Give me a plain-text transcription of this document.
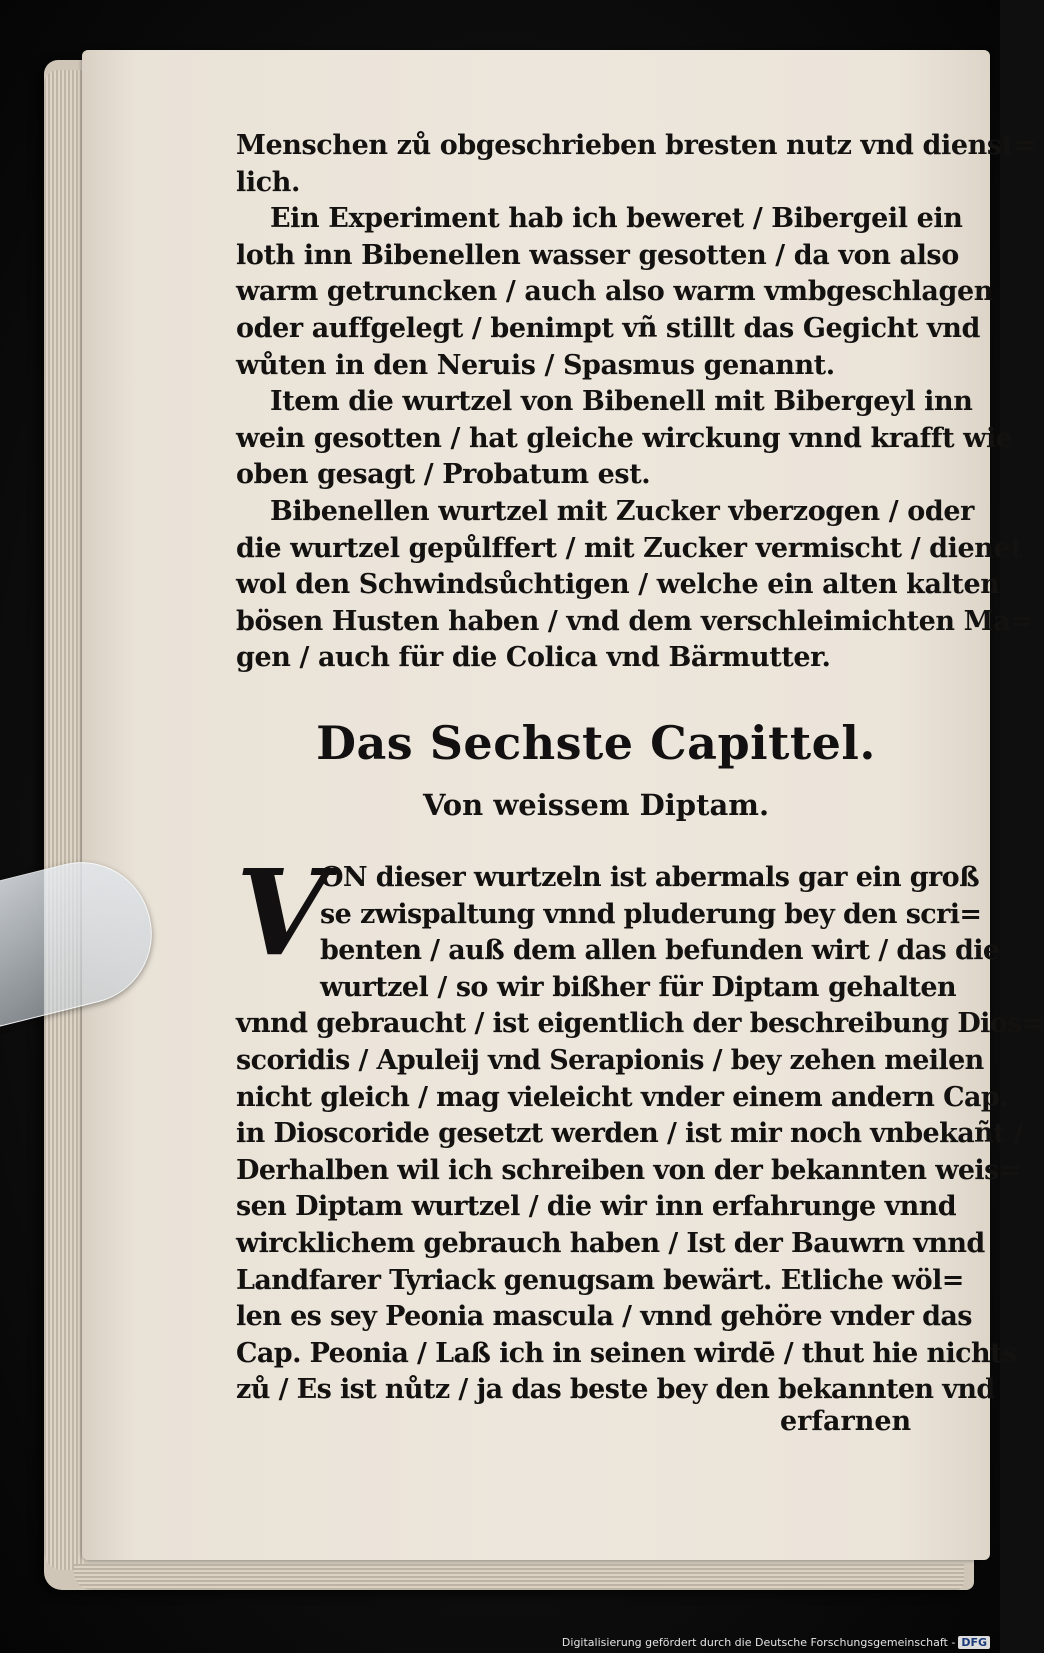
Menschen zů obgeschrieben bresten nutz vnd dienst=
lich.
Ein Experiment hab ich beweret / Bibergeil ein
loth inn Bibenellen wasser gesotten / da von also
warm getruncken / auch also warm vmbgeschlagen
oder auffgelegt / benimpt vñ stillt das Gegicht vnd
wůten in den Neruis / Spasmus genannt.
Item die wurtzel von Bibenell mit Bibergeyl inn
wein gesotten / hat gleiche wirckung vnnd krafft wie
oben gesagt / Probatum est.
Bibenellen wurtzel mit Zucker vberzogen / oder
die wurtzel gepůlffert / mit Zucker vermischt / dienet
wol den Schwindsůchtigen / welche ein alten kalten
bösen Husten haben / vnd dem verschleimichten Ma=
gen / auch für die Colica vnd Bärmutter.
Das Sechste Capittel.
Von weissem Diptam.
V
ON dieser wurtzeln ist abermals gar ein groß
se zwispaltung vnnd pluderung bey den scri=
benten / auß dem allen befunden wirt / das die
wurtzel / so wir bißher für Diptam gehalten
vnnd gebraucht / ist eigentlich der beschreibung Dios=
scoridis / Apuleij vnd Serapionis / bey zehen meilen
nicht gleich / mag vieleicht vnder einem andern Cap.
in Dioscoride gesetzt werden / ist mir noch vnbekañt /
Derhalben wil ich schreiben von der bekannten weis=
sen Diptam wurtzel / die wir inn erfahrunge vnnd
wircklichem gebrauch haben / Ist der Bauwrn vnnd
Landfarer Tyriack genugsam bewärt. Etliche wöl=
len es sey Peonia mascula / vnnd gehöre vnder das
Cap. Peonia / Laß ich in seinen wirdē / thut hie nichts
zů / Es ist nůtz / ja das beste bey den bekannten vnd
erfarnen
Digitalisierung gefördert durch die Deutsche Forschungsgemeinschaft - DFG
